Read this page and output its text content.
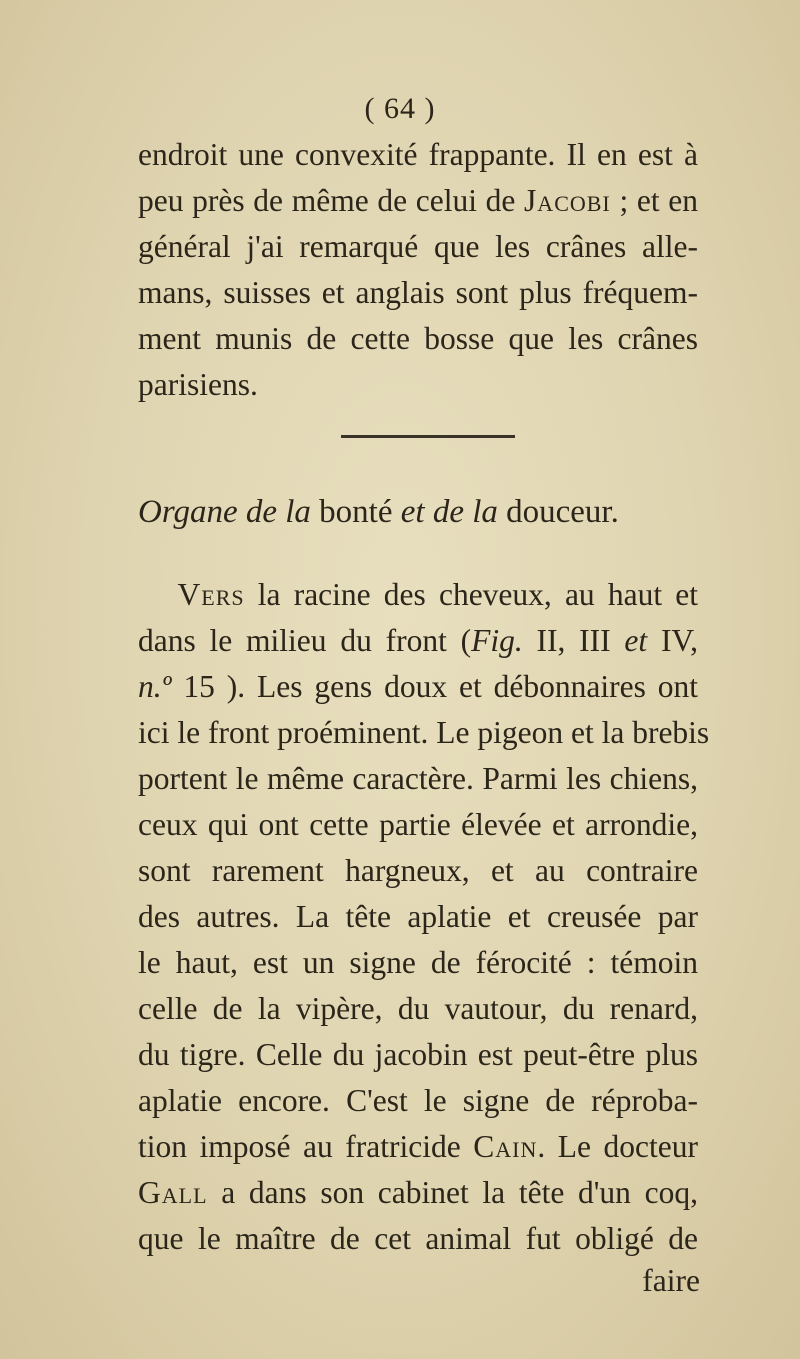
( 64 )
endroit une convexité frappante. Il en est à
peu près de même de celui de Jacobi ; et en
général j'ai remarqué que les crânes alle-
mans, suisses et anglais sont plus fréquem-
ment munis de cette bosse que les crânes
parisiens.
Organe de la bonté et de la douceur.
Vers la racine des cheveux, au haut et
dans le milieu du front (Fig. II, III et IV,
n.º 15 ). Les gens doux et débonnaires ont
ici le front proéminent. Le pigeon et la brebis
portent le même caractère. Parmi les chiens,
ceux qui ont cette partie élevée et arrondie,
sont rarement hargneux, et au contraire
des autres. La tête aplatie et creusée par
le haut, est un signe de férocité : témoin
celle de la vipère, du vautour, du renard,
du tigre. Celle du jacobin est peut-être plus
aplatie encore. C'est le signe de réproba-
tion imposé au fratricide Cain. Le docteur
Gall a dans son cabinet la tête d'un coq,
que le maître de cet animal fut obligé de
faire
